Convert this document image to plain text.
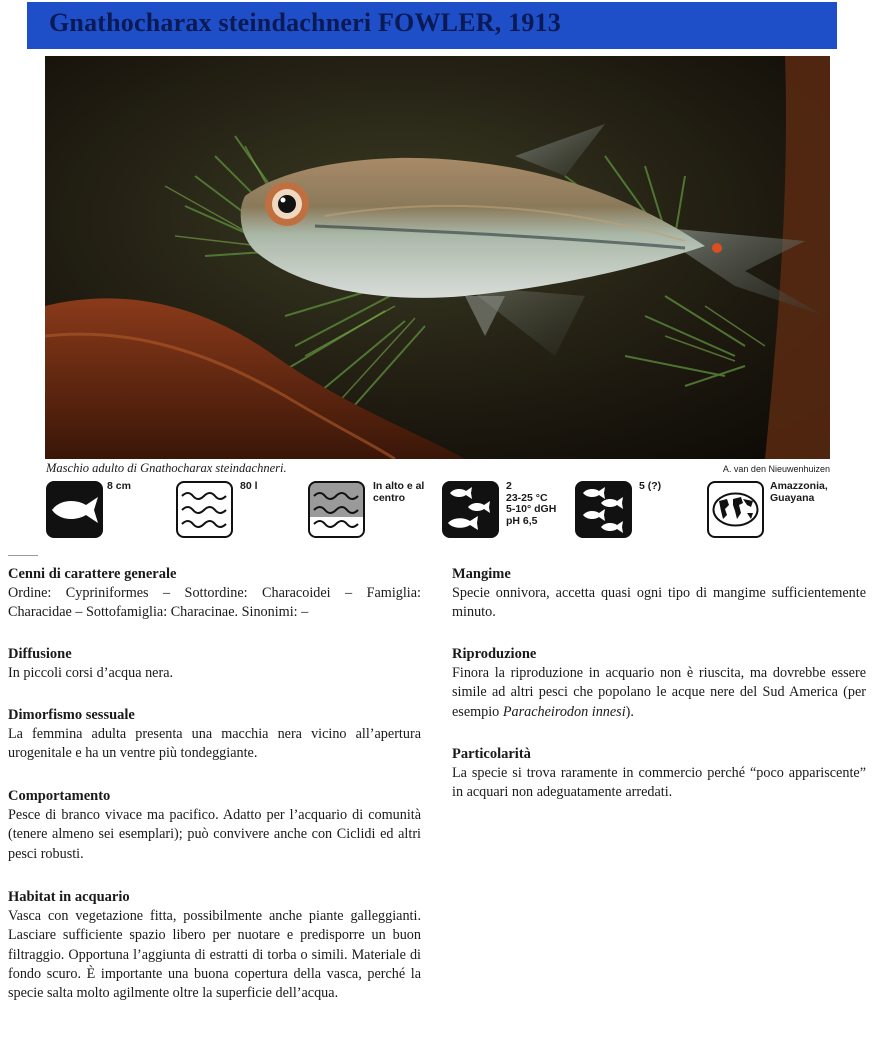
Gnathocharax steindachneri FOWLER, 1913
Maschio adulto di Gnathocharax steindachneri.	A. van den Nieuwenhuizen
8 cm	80 l	In alto e al
centro
2
23-25 °C
5-10° dGH
pH 6,5
5 (?)	Amazzonia,
Guayana
Cenni di carattere generale

Ordine: Cypriniformes – Sottordine: Characoidei – Famiglia: Characidae – Sottofamiglia: Characinae. Sinonimi: –

Diffusione

In piccoli corsi d’acqua nera.

Dimorfismo sessuale

La femmina adulta presenta una macchia nera vicino all’apertura urogenitale e ha un ventre più tondeggiante.

Comportamento

Pesce di branco vivace ma pacifico. Adatto per l’acquario di comunità (tenere almeno sei esemplari); può convivere anche con Ciclidi ed altri pesci robusti.

Habitat in acquario

Vasca con vegetazione fitta, possibilmente anche piante galleggianti. Lasciare sufficiente spazio libero per nuotare e predisporre un buon filtraggio. Opportuna l’aggiunta di estratti di torba o simili. Materiale di fondo scuro. È importante una buona copertura della vasca, perché la specie salta molto agilmente oltre la superficie dell’acqua.

Mangime

Specie onnivora, accetta quasi ogni tipo di mangime sufficientemente minuto.

Riproduzione

Finora la riproduzione in acquario non è riuscita, ma dovrebbe essere simile ad altri pesci che popolano le acque nere del Sud America (per esempio Paracheirodon innesi).

Particolarità

La specie si trova raramente in commercio perché “poco appariscente” in acquari non adeguatamente arredati.
